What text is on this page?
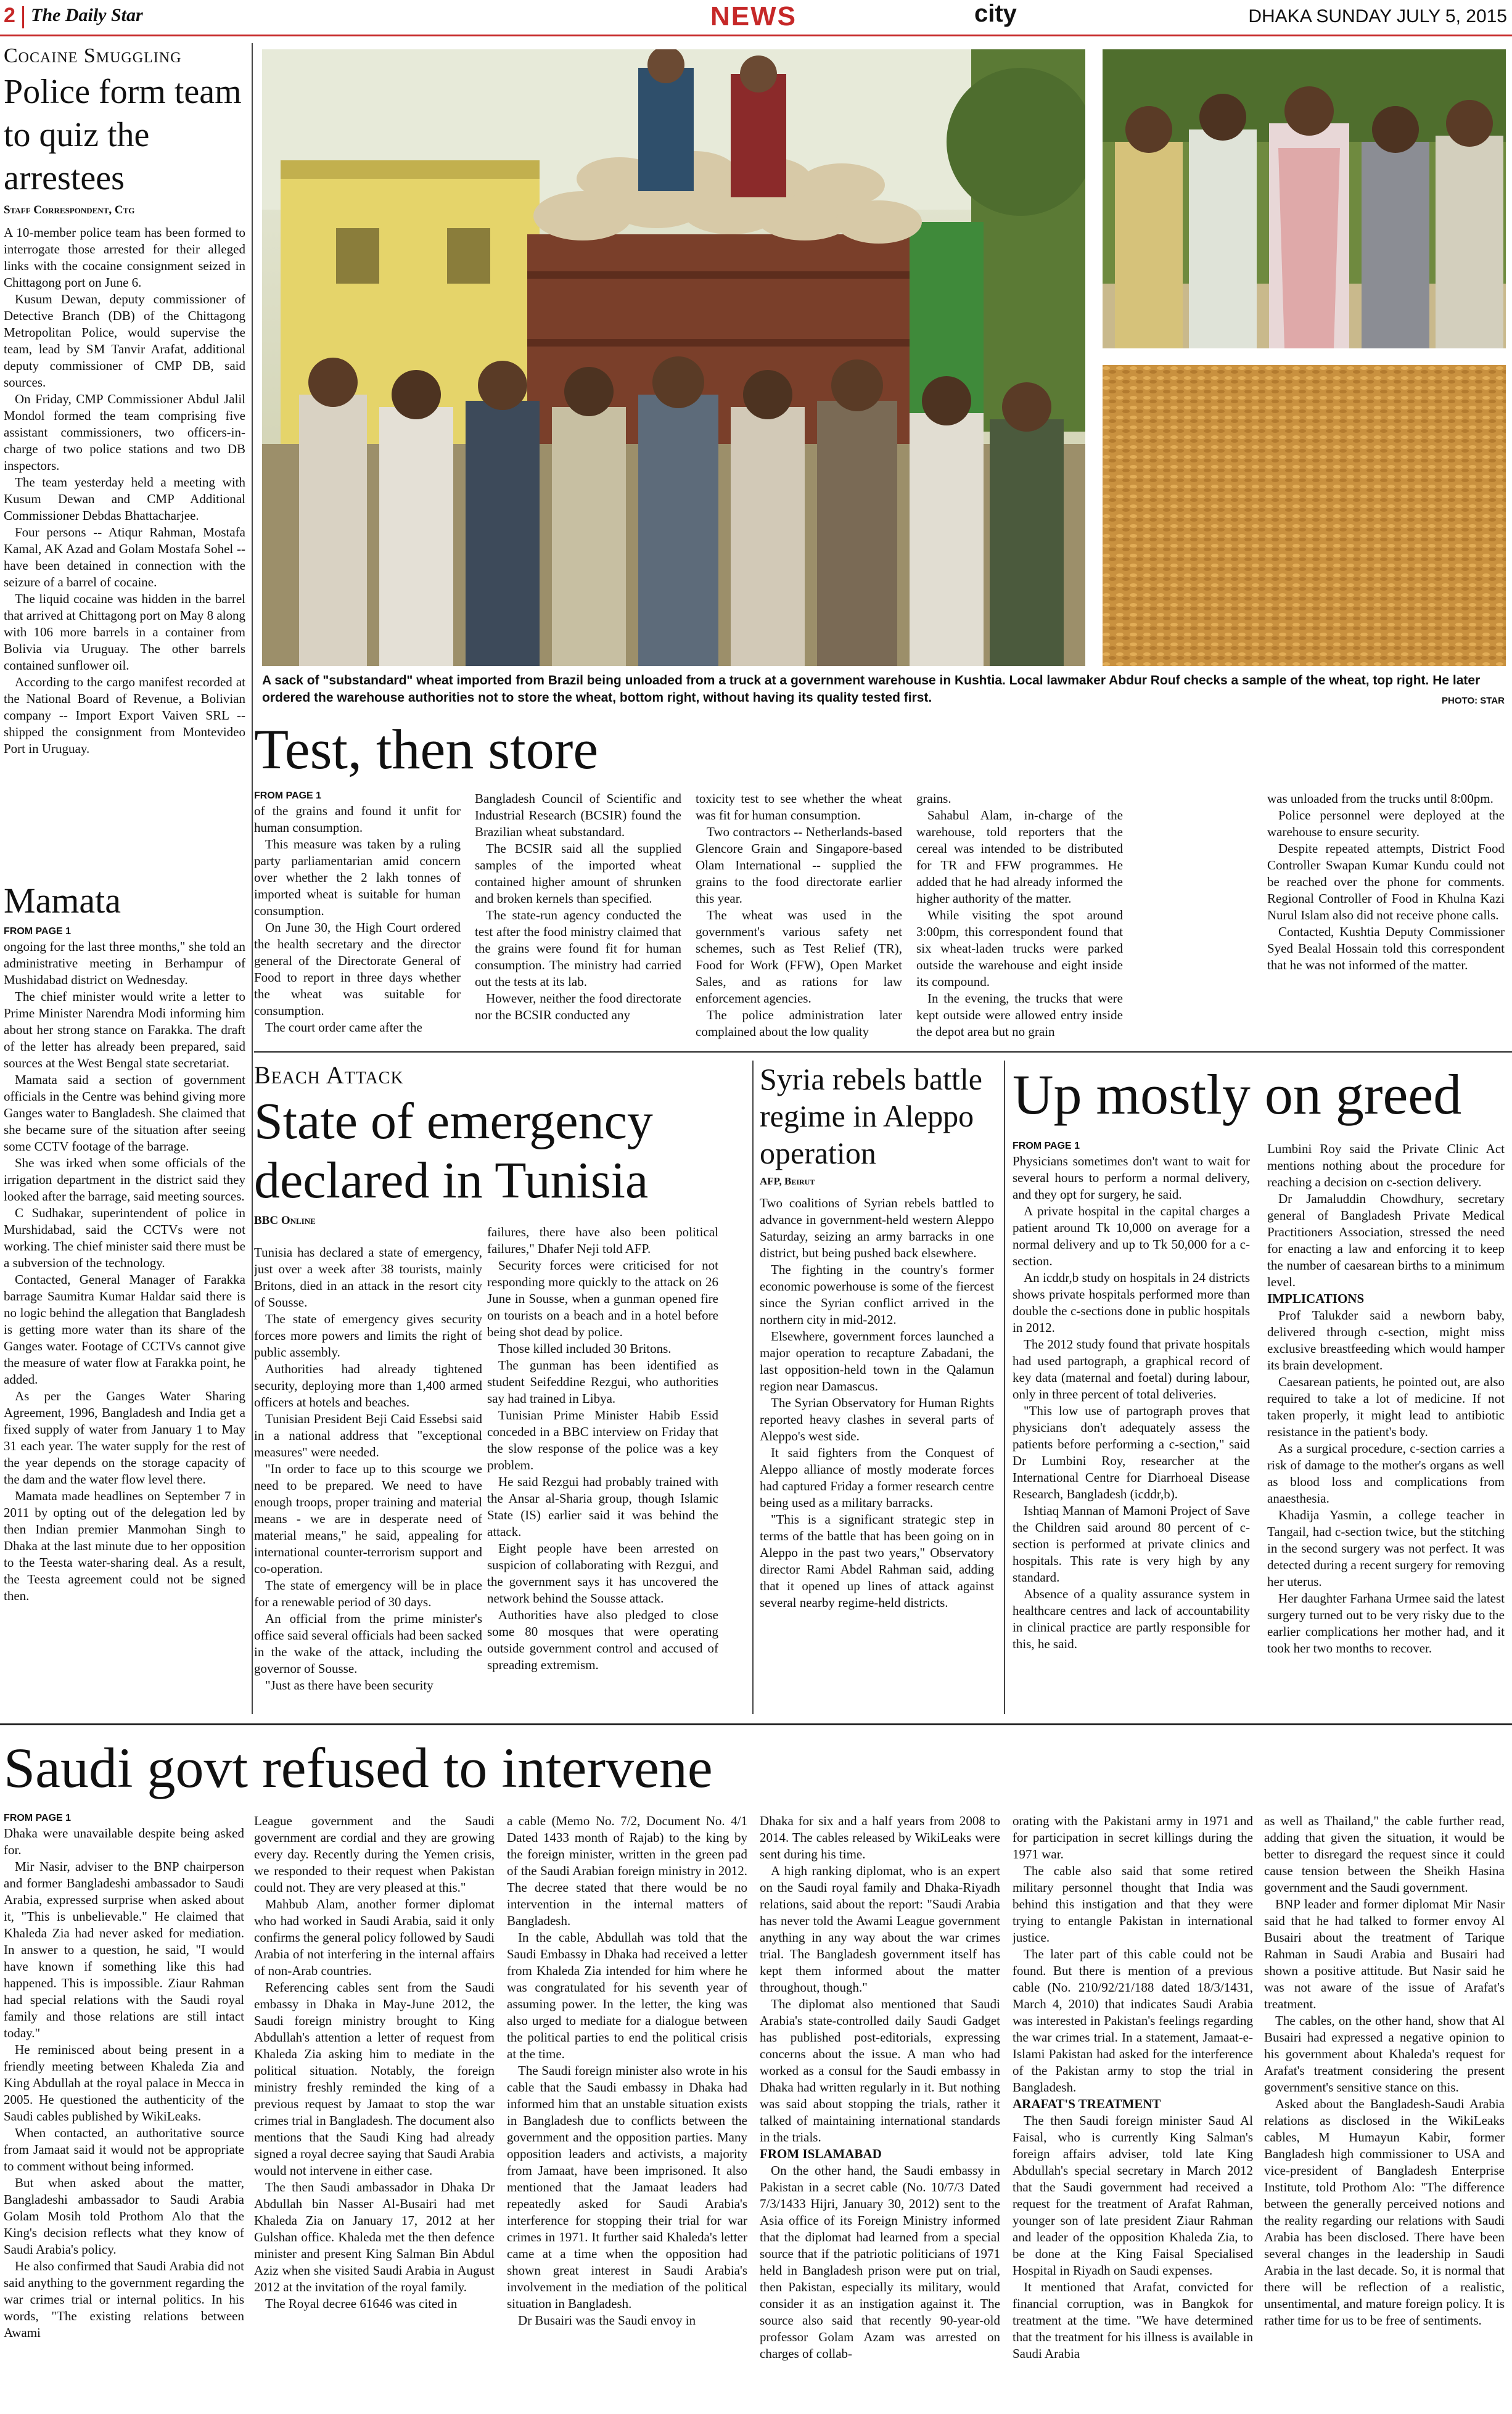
2 The Daily Star	NEWS	city	DHAKA SUNDAY JULY 5, 2015
Cocaine Smuggling
Police form team to quiz the arrestees
Staff Correspondent, Ctg

A 10-member police team has been formed to interrogate those arrested for their alleged links with the cocaine consignment seized in Chittagong port on June 6.

Kusum Dewan, deputy commissioner of Detective Branch (DB) of the Chittagong Metropolitan Police, would supervise the team, lead by SM Tanvir Arafat, additional deputy commissioner of CMP DB, said sources.

On Friday, CMP Commissioner Abdul Jalil Mondol formed the team comprising five assistant commissioners, two officers-in-charge of two police stations and two DB inspectors.

The team yesterday held a meeting with Kusum Dewan and CMP Additional Commissioner Debdas Bhattacharjee.

Four persons -- Atiqur Rahman, Mostafa Kamal, AK Azad and Golam Mostafa Sohel -- have been detained in connection with the seizure of a barrel of cocaine.

The liquid cocaine was hidden in the barrel that arrived at Chittagong port on May 8 along with 106 more barrels in a container from Bolivia via Uruguay. The other barrels contained sunflower oil.

According to the cargo manifest recorded at the National Board of Revenue, a Bolivian company -- Import Export Vaiven SRL -- shipped the consignment from Montevideo Port in Uruguay.

Mamata
FROM PAGE 1

ongoing for the last three months," she told an administrative meeting in Berhampur of Mushidabad district on Wednesday.

The chief minister would write a letter to Prime Minister Narendra Modi informing him about her strong stance on Farakka. The draft of the letter has already been prepared, said sources at the West Bengal state secretariat.

Mamata said a section of government officials in the Centre was behind giving more Ganges water to Bangladesh. She claimed that she became sure of the situation after seeing some CCTV footage of the barrage.

She was irked when some officials of the irrigation department in the district said they looked after the barrage, said meeting sources.

C Sudhakar, superintendent of police in Murshidabad, said the CCTVs were not working. The chief minister said there must be a subversion of the technology.

Contacted, General Manager of Farakka barrage Saumitra Kumar Haldar said there is no logic behind the allegation that Bangladesh is getting more water than its share of the Ganges water. Footage of CCTVs cannot give the measure of water flow at Farakka point, he added.

As per the Ganges Water Sharing Agreement, 1996, Bangladesh and India get a fixed supply of water from January 1 to May 31 each year. The water supply for the rest of the year depends on the storage capacity of the dam and the water flow level there.

Mamata made headlines on September 7 in 2011 by opting out of the delegation led by then Indian premier Manmohan Singh to Dhaka at the last minute due to her opposition to the Teesta water-sharing deal. As a result, the Teesta agreement could not be signed then.

A sack of "substandard" wheat imported from Brazil being unloaded from a truck at a government warehouse in Kushtia. Local lawmaker Abdur Rouf checks a sample of the wheat, top right. He later ordered the warehouse authorities not to store the wheat, bottom right, without having its quality tested first.	PHOTO: STAR
Test, then store
FROM PAGE 1

of the grains and found it unfit for human consumption.

This measure was taken by a ruling party parliamentarian amid concern over whether the 2 lakh tonnes of imported wheat is suitable for human consumption.

On June 30, the High Court ordered the health secretary and the director general of the Directorate General of Food to report in three days whether the wheat was suitable for consumption.

The court order came after the

Bangladesh Council of Scientific and Industrial Research (BCSIR) found the Brazilian wheat substandard.

The BCSIR said all the supplied samples of the imported wheat contained higher amount of shrunken and broken kernels than specified.

The state-run agency conducted the test after the food ministry claimed that the grains were found fit for human consumption. The ministry had carried out the tests at its lab.

However, neither the food directorate nor the BCSIR conducted any

toxicity test to see whether the wheat was fit for human consumption.

Two contractors -- Netherlands-based Glencore Grain and Singapore-based Olam International -- supplied the grains to the food directorate earlier this year.

The wheat was used in the government's various safety net schemes, such as Test Relief (TR), Food for Work (FFW), Open Market Sales, and as rations for law enforcement agencies.

The police administration later complained about the low quality

grains.

Sahabul Alam, in-charge of the warehouse, told reporters that the cereal was intended to be distributed for TR and FFW programmes. He added that he had already informed the higher authority of the matter.

While visiting the spot around 3:00pm, this correspondent found that six wheat-laden trucks were parked outside the warehouse and eight inside its compound.

In the evening, the trucks that were kept outside were allowed entry inside the depot area but no grain

was unloaded from the trucks until 8:00pm.

Police personnel were deployed at the warehouse to ensure security.

Despite repeated attempts, District Food Controller Swapan Kumar Kundu could not be reached over the phone for comments. Regional Controller of Food in Khulna Kazi Nurul Islam also did not receive phone calls.

Contacted, Kushtia Deputy Commissioner Syed Bealal Hossain told this correspondent that he was not informed of the matter.

Beach Attack
State of emergency declared in Tunisia
BBC Online

Tunisia has declared a state of emergency, just over a week after 38 tourists, mainly Britons, died in an attack in the resort city of Sousse.

The state of emergency gives security forces more powers and limits the right of public assembly.

Authorities had already tightened security, deploying more than 1,400 armed officers at hotels and beaches.

Tunisian President Beji Caid Essebsi said in a national address that "exceptional measures" were needed.

"In order to face up to this scourge we need to be prepared. We need to have enough troops, proper training and material means - we are in desperate need of material means," he said, appealing for international counter-terrorism support and co-operation.

The state of emergency will be in place for a renewable period of 30 days.

An official from the prime minister's office said several officials had been sacked in the wake of the attack, including the governor of Sousse.

"Just as there have been security

failures, there have also been political failures," Dhafer Neji told AFP.

Security forces were criticised for not responding more quickly to the attack on 26 June in Sousse, when a gunman opened fire on tourists on a beach and in a hotel before being shot dead by police.

Those killed included 30 Britons.

The gunman has been identified as student Seifeddine Rezgui, who authorities say had trained in Libya.

Tunisian Prime Minister Habib Essid conceded in a BBC interview on Friday that the slow response of the police was a key problem.

He said Rezgui had probably trained with the Ansar al-Sharia group, though Islamic State (IS) earlier said it was behind the attack.

Eight people have been arrested on suspicion of collaborating with Rezgui, and the government says it has uncovered the network behind the Sousse attack.

Authorities have also pledged to close some 80 mosques that were operating outside government control and accused of spreading extremism.

Syria rebels battle regime in Aleppo operation
AFP, Beirut

Two coalitions of Syrian rebels battled to advance in government-held western Aleppo Saturday, seizing an army barracks in one district, but being pushed back elsewhere.

The fighting in the country's former economic powerhouse is some of the fiercest since the Syrian conflict arrived in the northern city in mid-2012.

Elsewhere, government forces launched a major operation to recapture Zabadani, the last opposition-held town in the Qalamun region near Damascus.

The Syrian Observatory for Human Rights reported heavy clashes in several parts of Aleppo's west side.

It said fighters from the Conquest of Aleppo alliance of mostly moderate forces had captured Friday a former research centre being used as a military barracks.

"This is a significant strategic step in terms of the battle that has been going on in Aleppo in the past two years," Observatory director Rami Abdel Rahman said, adding that it opened up lines of attack against several nearby regime-held districts.

Up mostly on greed
FROM PAGE 1

Physicians sometimes don't want to wait for several hours to perform a normal delivery, and they opt for surgery, he said.

A private hospital in the capital charges a patient around Tk 10,000 on average for a normal delivery and up to Tk 50,000 for a c-section.

An icddr,b study on hospitals in 24 districts shows private hospitals performed more than double the c-sections done in public hospitals in 2012.

The 2012 study found that private hospitals had used partograph, a graphical record of key data (maternal and foetal) during labour, only in three percent of total deliveries.

"This low use of partograph proves that physicians don't adequately assess the patients before performing a c-section," said Dr Lumbini Roy, researcher at the International Centre for Diarrhoeal Disease Research, Bangladesh (icddr,b).

Ishtiaq Mannan of Mamoni Project of Save the Children said around 80 percent of c-section is performed at private clinics and hospitals. This rate is very high by any standard.

Absence of a quality assurance system in healthcare centres and lack of accountability in clinical practice are partly responsible for this, he said.

Lumbini Roy said the Private Clinic Act mentions nothing about the procedure for reaching a decision on c-section delivery.

Dr Jamaluddin Chowdhury, secretary general of Bangladesh Private Medical Practitioners Association, stressed the need for enacting a law and enforcing it to keep the number of caesarean births to a minimum level.

IMPLICATIONS

Prof Talukder said a newborn baby, delivered through c-section, might miss exclusive breastfeeding which would hamper its brain development.

Caesarean patients, he pointed out, are also required to take a lot of medicine. If not taken properly, it might lead to antibiotic resistance in the patient's body.

As a surgical procedure, c-section carries a risk of damage to the mother's organs as well as blood loss and complications from anaesthesia.

Khadija Yasmin, a college teacher in Tangail, had c-section twice, but the stitching in the second surgery was not perfect. It was detected during a recent surgery for removing her uterus.

Her daughter Farhana Urmee said the latest surgery turned out to be very risky due to the earlier complications her mother had, and it took her two months to recover.

Saudi govt refused to intervene
FROM PAGE 1

Dhaka were unavailable despite being asked for.

Mir Nasir, adviser to the BNP chairperson and former Bangladeshi ambassador to Saudi Arabia, expressed surprise when asked about it, "This is unbelievable." He claimed that Khaleda Zia had never asked for mediation. In answer to a question, he said, "I would have known if something like this had happened. This is impossible. Ziaur Rahman had special relations with the Saudi royal family and those relations are still intact today."

He reminisced about being present in a friendly meeting between Khaleda Zia and King Abdullah at the royal palace in Mecca in 2005. He questioned the authenticity of the Saudi cables published by WikiLeaks.

When contacted, an authoritative source from Jamaat said it would not be appropriate to comment without being informed.

But when asked about the matter, Bangladeshi ambassador to Saudi Arabia Golam Mosih told Prothom Alo that the King's decision reflects what they know of Saudi Arabia's policy.

He also confirmed that Saudi Arabia did not said anything to the government regarding the war crimes trial or internal politics. In his words, "The existing relations between Awami

League government and the Saudi government are cordial and they are growing every day. Recently during the Yemen crisis, we responded to their request when Pakistan could not. They are very pleased at this."

Mahbub Alam, another former diplomat who had worked in Saudi Arabia, said it only confirms the general policy followed by Saudi Arabia of not interfering in the internal affairs of non-Arab countries.

Referencing cables sent from the Saudi embassy in Dhaka in May-June 2012, the Saudi foreign ministry brought to King Abdullah's attention a letter of request from Khaleda Zia asking him to mediate in the political situation. Notably, the foreign ministry freshly reminded the king of a previous request by Jamaat to stop the war crimes trial in Bangladesh. The document also mentions that the Saudi King had already signed a royal decree saying that Saudi Arabia would not intervene in either case.

The then Saudi ambassador in Dhaka Dr Abdullah bin Nasser Al-Busairi had met Khaleda Zia on January 17, 2012 at her Gulshan office. Khaleda met the then defence minister and present King Salman Bin Abdul Aziz when she visited Saudi Arabia in August 2012 at the invitation of the royal family.

The Royal decree 61646 was cited in

a cable (Memo No. 7/2, Document No. 4/1 Dated 1433 month of Rajab) to the king by the foreign minister, written in the green pad of the Saudi Arabian foreign ministry in 2012. The decree stated that there would be no intervention in the internal matters of Bangladesh.

In the cable, Abdullah was told that the Saudi Embassy in Dhaka had received a letter from Khaleda Zia intended for him where he was congratulated for his seventh year of assuming power. In the letter, the king was also urged to mediate for a dialogue between the political parties to end the political crisis at the time.

The Saudi foreign minister also wrote in his cable that the Saudi embassy in Dhaka had informed him that an unstable situation exists in Bangladesh due to conflicts between the government and the opposition parties. Many opposition leaders and activists, a majority from Jamaat, have been imprisoned. It also mentioned that the Jamaat leaders had repeatedly asked for Saudi Arabia's interference for stopping their trial for war crimes in 1971. It further said Khaleda's letter came at a time when the opposition had shown great interest in Saudi Arabia's involvement in the mediation of the political situation in Bangladesh.

Dr Busairi was the Saudi envoy in

Dhaka for six and a half years from 2008 to 2014. The cables released by WikiLeaks were sent during his time.

A high ranking diplomat, who is an expert on the Saudi royal family and Dhaka-Riyadh relations, said about the report: "Saudi Arabia has never told the Awami League government anything in any way about the war crimes trial. The Bangladesh government itself has kept them informed about the matter throughout, though."

The diplomat also mentioned that Saudi Arabia's state-controlled daily Saudi Gadget has published post-editorials, expressing concerns about the issue. A man who had worked as a consul for the Saudi embassy in Dhaka had written regularly in it. But nothing was said about stopping the trials, rather it talked of maintaining international standards in the trials.

FROM ISLAMABAD

On the other hand, the Saudi embassy in Pakistan in a secret cable (No. 10/7/3 Dated 7/3/1433 Hijri, January 30, 2012) sent to the Asia office of its Foreign Ministry informed that the diplomat had learned from a special source that if the patriotic politicians of 1971 held in Bangladesh prison were put on trial, then Pakistan, especially its military, would consider it as an instigation against it. The source also said that recently 90-year-old professor Golam Azam was arrested on charges of collab-

orating with the Pakistani army in 1971 and for participation in secret killings during the 1971 war.

The cable also said that some retired military personnel thought that India was behind this instigation and that they were trying to entangle Pakistan in international justice.

The later part of this cable could not be found. But there is mention of a previous cable (No. 210/92/21/188 dated 18/3/1431, March 4, 2010) that indicates Saudi Arabia was interested in Pakistan's feelings regarding the war crimes trial. In a statement, Jamaat-e-Islami Pakistan had asked for the interference of the Pakistan army to stop the trial in Bangladesh.

ARAFAT'S TREATMENT

The then Saudi foreign minister Saud Al Faisal, who is currently King Salman's foreign affairs adviser, told late King Abdullah's special secretary in March 2012 that the Saudi government had received a request for the treatment of Arafat Rahman, younger son of late president Ziaur Rahman and leader of the opposition Khaleda Zia, to be done at the King Faisal Specialised Hospital in Riyadh on Saudi expenses.

It mentioned that Arafat, convicted for financial corruption, was in Bangkok for treatment at the time. "We have determined that the treatment for his illness is available in Saudi Arabia

as well as Thailand," the cable further read, adding that given the situation, it would be better to disregard the request since it could cause tension between the Sheikh Hasina government and the Saudi government.

BNP leader and former diplomat Mir Nasir said that he had talked to former envoy Al Busairi about the treatment of Tarique Rahman in Saudi Arabia and Busairi had shown a positive attitude. But Nasir said he was not aware of the issue of Arafat's treatment.

The cables, on the other hand, show that Al Busairi had expressed a negative opinion to his government about Khaleda's request for Arafat's treatment considering the present government's sensitive stance on this.

Asked about the Bangladesh-Saudi Arabia relations as disclosed in the WikiLeaks cables, M Humayun Kabir, former Bangladesh high commissioner to USA and vice-president of Bangladesh Enterprise Institute, told Prothom Alo: "The difference between the generally perceived notions and the reality regarding our relations with Saudi Arabia has been disclosed. There have been several changes in the leadership in Saudi Arabia in the last decade. So, it is normal that there will be reflection of a realistic, unsentimental, and mature foreign policy. It is rather time for us to be free of sentiments.
